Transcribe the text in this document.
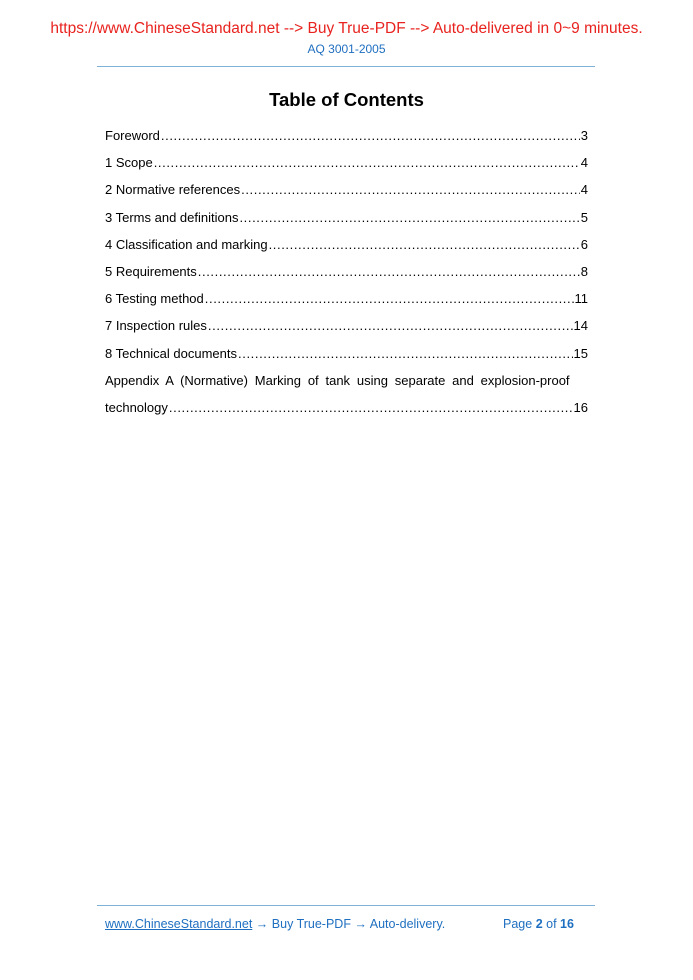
https://www.ChineseStandard.net --> Buy True-PDF --> Auto-delivered in 0~9 minutes.
AQ 3001-2005
Table of Contents
Foreword .....	3
1 Scope .....	4
2 Normative references .....	4
3 Terms and definitions .....	5
4 Classification and marking .....	6
5 Requirements .....	8
6 Testing method .....	11
7 Inspection rules .....	14
8 Technical documents .....	15
Appendix A (Normative) Marking of tank using separate and explosion-proof
technology .....	16
www.ChineseStandard.net → Buy True-PDF → Auto-delivery.	Page 2 of 16
